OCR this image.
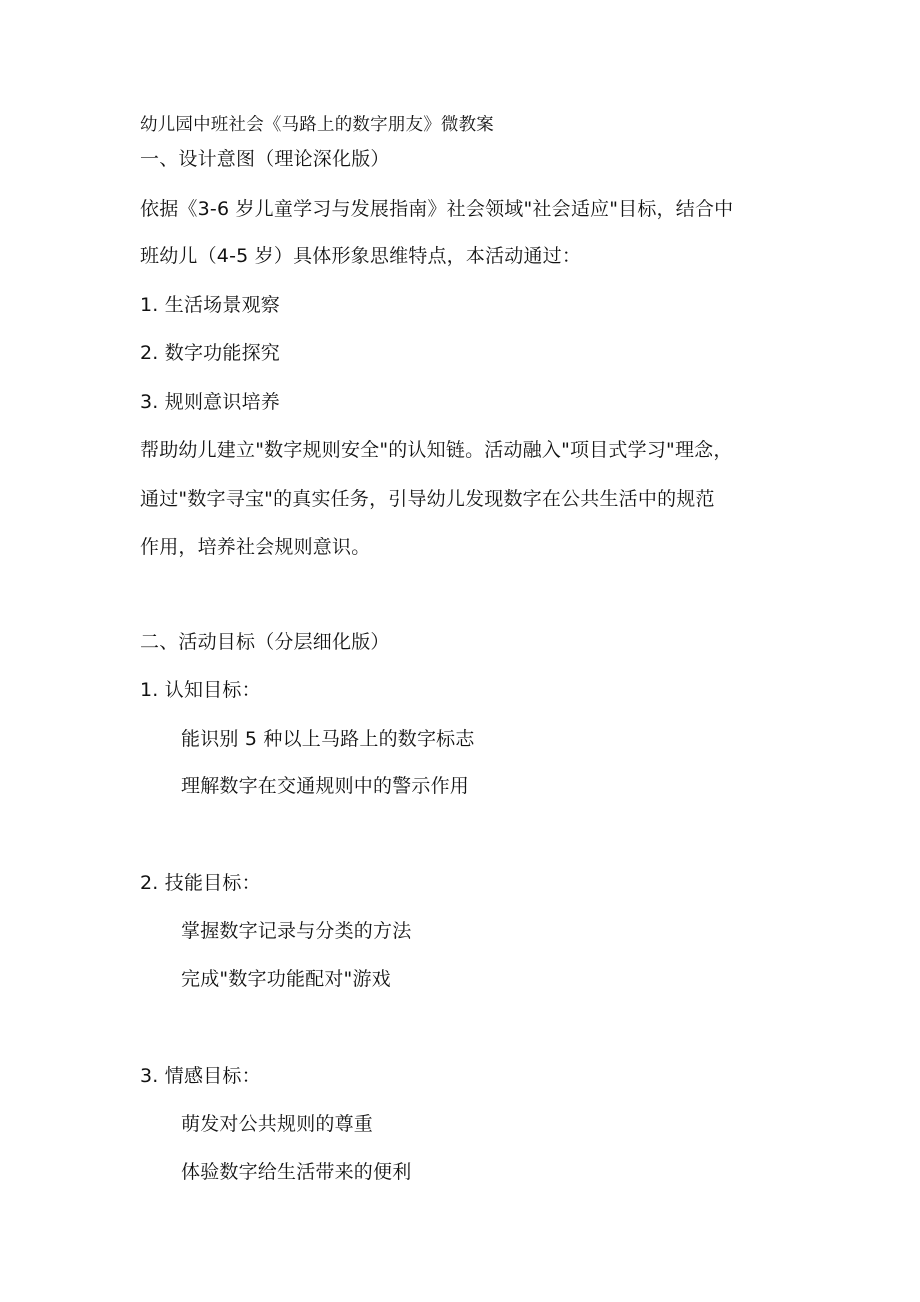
幼儿园中班社会《马路上的数字朋友》微教案
一、设计意图（理论深化版）
依据《3-6 岁儿童学习与发展指南》社会领域"社会适应"目标，结合中
班幼儿（4-5 岁）具体形象思维特点，本活动通过：
1. 生活场景观察
2. 数字功能探究
3. 规则意识培养
帮助幼儿建立"数字规则安全"的认知链。活动融入"项目式学习"理念，
通过"数字寻宝"的真实任务，引导幼儿发现数字在公共生活中的规范
作用，培养社会规则意识。
二、活动目标（分层细化版）
1. 认知目标：
能识别 5 种以上马路上的数字标志
理解数字在交通规则中的警示作用
2. 技能目标：
掌握数字记录与分类的方法
完成"数字功能配对"游戏
3. 情感目标：
萌发对公共规则的尊重
体验数字给生活带来的便利
